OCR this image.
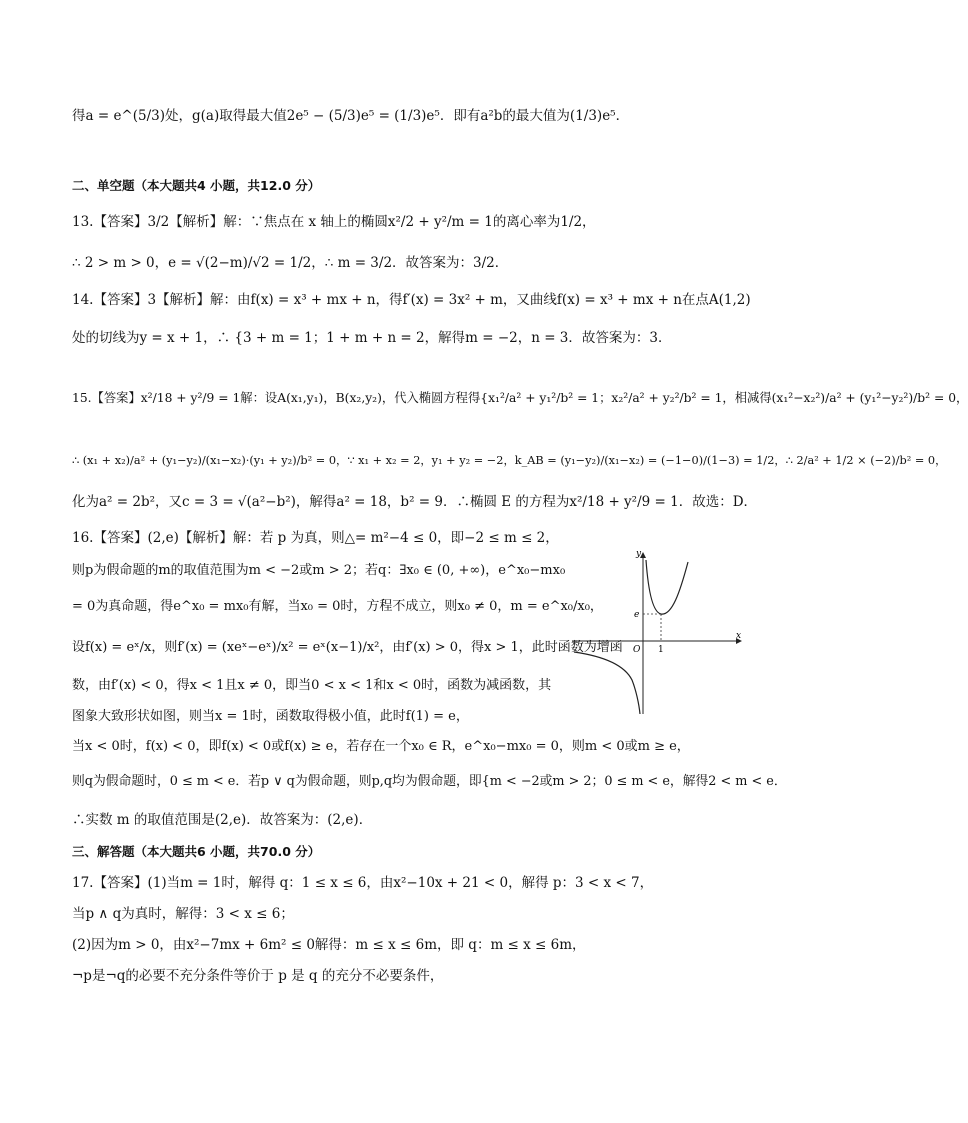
得a = e^(5/3)处，g(a)取得最大值2e⁵ − (5/3)e⁵ = (1/3)e⁵．即有a²b的最大值为(1/3)e⁵．
二、单空题（本大题共4 小题，共12.0 分）
13.【答案】3/2【解析】解：∵焦点在 x 轴上的椭圆x²/2 + y²/m = 1的离心率为1/2，
∴ 2 > m > 0，e = √(2−m)/√2 = 1/2，∴ m = 3/2．故答案为：3/2．
14.【答案】3【解析】解：由f(x) = x³ + mx + n，得f′(x) = 3x² + m，又曲线f(x) = x³ + mx + n在点A(1,2)
处的切线为y = x + 1，∴ {3 + m = 1；1 + m + n = 2，解得m = −2，n = 3．故答案为：3．
15.【答案】x²/18 + y²/9 = 1解：设A(x₁,y₁)，B(x₂,y₂)，代入椭圆方程得{x₁²/a² + y₁²/b² = 1；x₂²/a² + y₂²/b² = 1，相减得(x₁²−x₂²)/a² + (y₁²−y₂²)/b² = 0，
∴ (x₁ + x₂)/a² + (y₁−y₂)/(x₁−x₂)·(y₁ + y₂)/b² = 0，∵ x₁ + x₂ = 2，y₁ + y₂ = −2，k_AB = (y₁−y₂)/(x₁−x₂) = (−1−0)/(1−3) = 1/2，∴ 2/a² + 1/2 × (−2)/b² = 0，
化为a² = 2b²，又c = 3 = √(a²−b²)，解得a² = 18，b² = 9．∴椭圆 E 的方程为x²/18 + y²/9 = 1．故选：D．
16.【答案】(2,e)【解析】解：若 p 为真，则△= m²−4 ≤ 0，即−2 ≤ m ≤ 2，
则p为假命题的m的取值范围为m < −2或m > 2；若q：∃x₀ ∈ (0, +∞)，e^x₀−mx₀
= 0为真命题，得e^x₀ = mx₀有解，当x₀ = 0时，方程不成立，则x₀ ≠ 0，m = e^x₀/x₀，
设f(x) = eˣ/x，则f′(x) = (xeˣ−eˣ)/x² = eˣ(x−1)/x²，由f′(x) > 0，得x > 1，此时函数为增函
数，由f′(x) < 0，得x < 1且x ≠ 0，即当0 < x < 1和x < 0时，函数为减函数，其
图象大致形状如图，则当x = 1时，函数取得极小值，此时f(1) = e，
当x < 0时，f(x) < 0，即f(x) < 0或f(x) ≥ e，若存在一个x₀ ∈ R，e^x₀−mx₀ = 0，则m < 0或m ≥ e，
则q为假命题时，0 ≤ m < e．若p ∨ q为假命题，则p,q均为假命题，即{m < −2或m > 2；0 ≤ m < e，解得2 < m < e．
∴实数 m 的取值范围是(2,e)．故答案为：(2,e)．
三、解答题（本大题共6 小题，共70.0 分）
17.【答案】(1)当m = 1时，解得 q：1 ≤ x ≤ 6，由x²−10x + 21 < 0，解得 p：3 < x < 7，
当p ∧ q为真时，解得：3 < x ≤ 6；
(2)因为m > 0，由x²−7mx + 6m² ≤ 0解得：m ≤ x ≤ 6m，即 q：m ≤ x ≤ 6m，
¬p是¬q的必要不充分条件等价于 p 是 q 的充分不必要条件，
x
y
O 1
e
